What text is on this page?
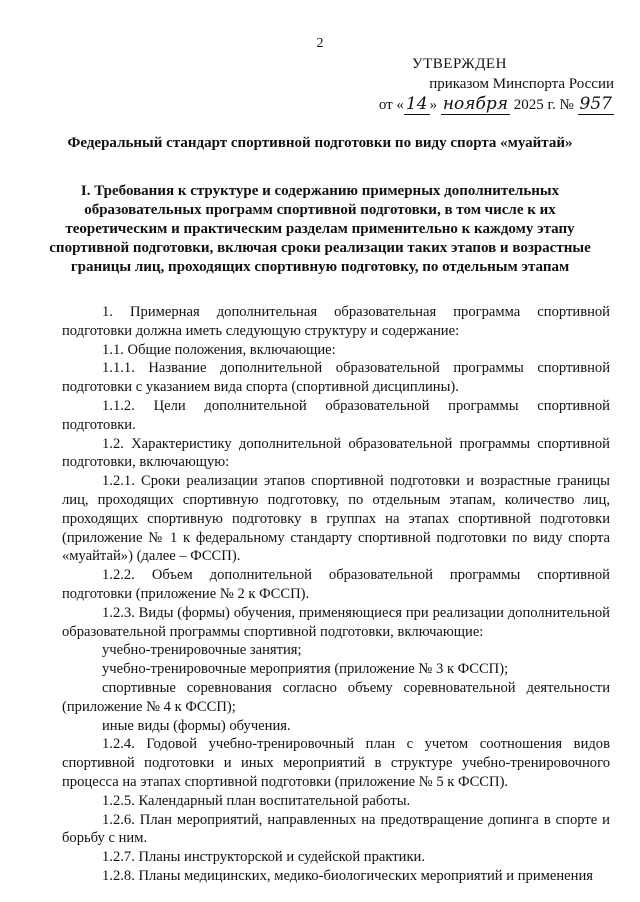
2
УТВЕРЖДЕН
приказом Минспорта России
от « 14 » ноября 2025 г. № 957
Федеральный стандарт спортивной подготовки по виду спорта «муайтай»
I. Требования к структуре и содержанию примерных дополнительных образовательных программ спортивной подготовки, в том числе к их теоретическим и практическим разделам применительно к каждому этапу спортивной подготовки, включая сроки реализации таких этапов и возрастные границы лиц, проходящих спортивную подготовку, по отдельным этапам

1. Примерная дополнительная образовательная программа спортивной подготовки должна иметь следующую структуру и содержание:

1.1. Общие положения, включающие:

1.1.1. Название дополнительной образовательной программы спортивной подготовки с указанием вида спорта (спортивной дисциплины).

1.1.2. Цели дополнительной образовательной программы спортивной подготовки.

1.2. Характеристику дополнительной образовательной программы спортивной подготовки, включающую:

1.2.1. Сроки реализации этапов спортивной подготовки и возрастные границы лиц, проходящих спортивную подготовку, по отдельным этапам, количество лиц, проходящих спортивную подготовку в группах на этапах спортивной подготовки (приложение № 1 к федеральному стандарту спортивной подготовки по виду спорта «муайтай») (далее – ФССП).

1.2.2. Объем дополнительной образовательной программы спортивной подготовки (приложение № 2 к ФССП).

1.2.3. Виды (формы) обучения, применяющиеся при реализации дополнительной образовательной программы спортивной подготовки, включающие:

учебно-тренировочные занятия;

учебно-тренировочные мероприятия (приложение № 3 к ФССП);

спортивные соревнования согласно объему соревновательной деятельности (приложение № 4 к ФССП);

иные виды (формы) обучения.

1.2.4. Годовой учебно-тренировочный план с учетом соотношения видов спортивной подготовки и иных мероприятий в структуре учебно-тренировочного процесса на этапах спортивной подготовки (приложение № 5 к ФССП).

1.2.5. Календарный план воспитательной работы.

1.2.6. План мероприятий, направленных на предотвращение допинга в спорте и борьбу с ним.

1.2.7. Планы инструкторской и судейской практики.

1.2.8. Планы медицинских, медико-биологических мероприятий и применения
